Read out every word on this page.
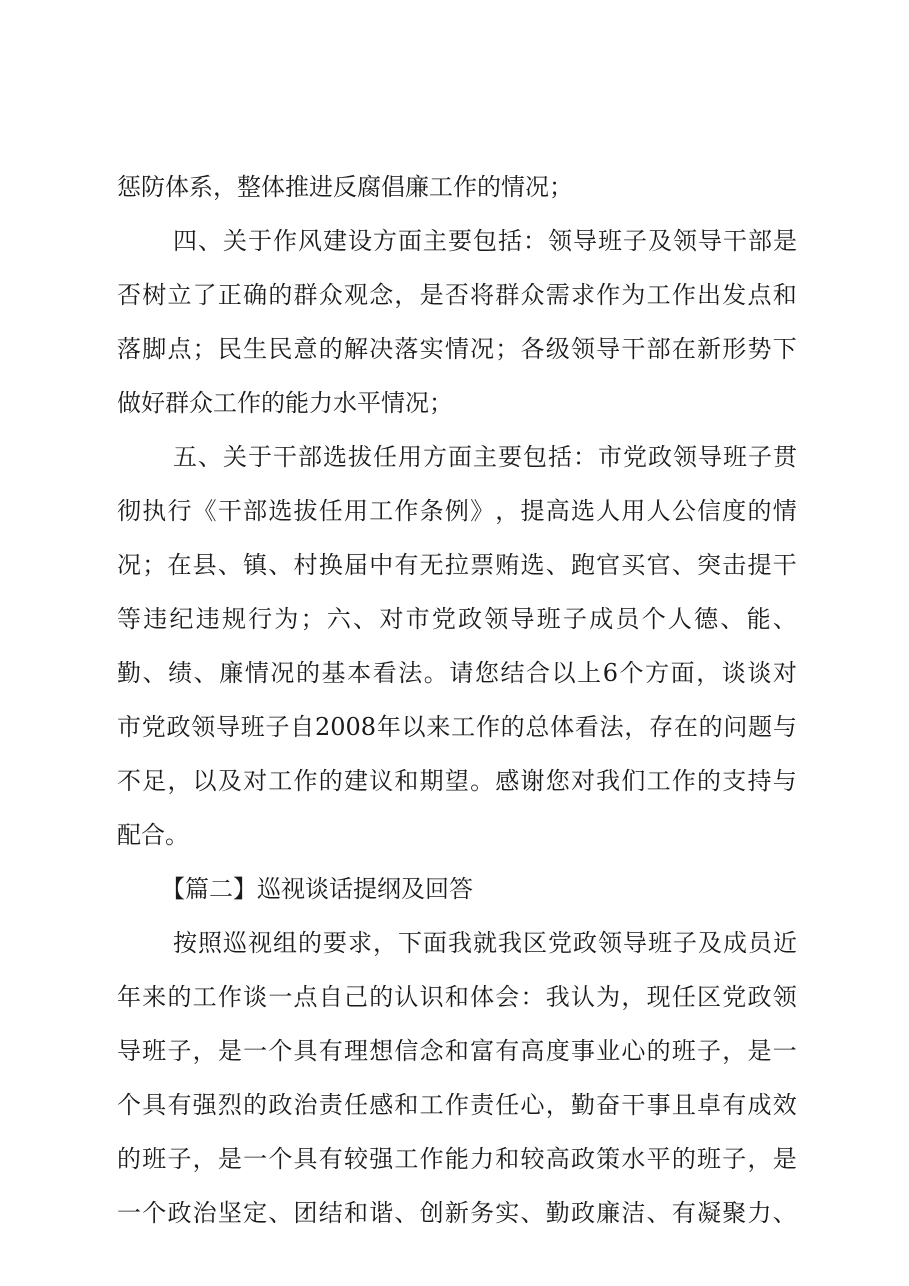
惩防体系，整体推进反腐倡廉工作的情况；
四 、 关 于 作 风 建 设 方 面 主 要 包 括 ： 领 导 班 子 及 领 导 干 部 是
否 树 立 了 正 确 的 群 众 观 念 ， 是 否 将 群 众 需 求 作 为 工 作 出 发 点 和
落 脚 点 ； 民 生 民 意 的 解 决 落 实 情 况 ； 各 级 领 导 干 部 在 新 形 势 下
做好群众工作的能力水平情况；
五 、 关 于 干 部 选 拔 任 用 方 面 主 要 包 括 ： 市 党 政 领 导 班 子 贯
彻 执 行 《 干 部 选 拔 任 用 工 作 条 例 》 ， 提 高 选 人 用 人 公 信 度 的 情
况 ； 在 县 、 镇 、 村 换 届 中 有 无 拉 票 贿 选 、 跑 官 买 官 、 突 击 提 干
等 违 纪 违 规 行 为 ； 六 、 对 市 党 政 领 导 班 子 成 员 个 人 德 、 能 、
勤 、 绩 、 廉 情 况 的 基 本 看 法 。 请 您 结 合 以 上 6 个 方 面 ， 谈 谈 对
市 党 政 领 导 班 子 自 2008 年 以 来 工 作 的 总 体 看 法 ， 存 在 的 问 题 与
不 足 ， 以 及 对 工 作 的 建 议 和 期 望 。 感 谢 您 对 我 们 工 作 的 支 持 与
配合。
【篇二】巡视谈话提纲及回答
按 照 巡 视 组 的 要 求 ， 下 面 我 就 我 区 党 政 领 导 班 子 及 成 员 近
年 来 的 工 作 谈 一 点 自 己 的 认 识 和 体 会 ： 我 认 为 ， 现 任 区 党 政 领
导 班 子 ， 是 一 个 具 有 理 想 信 念 和 富 有 高 度 事 业 心 的 班 子 ， 是 一
个 具 有 强 烈 的 政 治 责 任 感 和 工 作 责 任 心 ， 勤 奋 干 事 且 卓 有 成 效
的 班 子 ， 是 一 个 具 有 较 强 工 作 能 力 和 较 高 政 策 水 平 的 班 子 ， 是
一 个 政 治 坚 定 、 团 结 和 谐 、 创 新 务 实 、 勤 政 廉 洁 、 有 凝 聚 力 、
